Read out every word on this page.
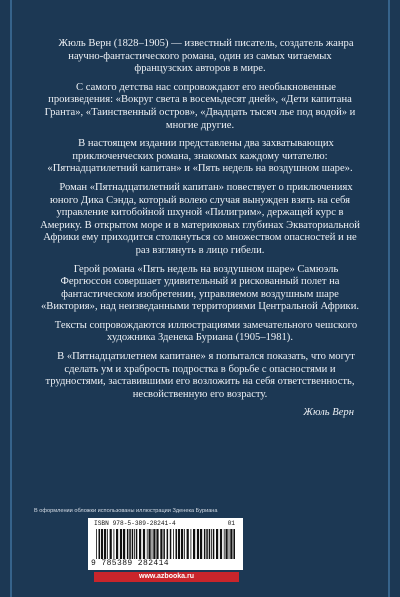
Жюль Верн (1828–1905) — известный писатель, создатель жанра научно-фантастического романа, один из самых читаемых французских авторов в мире.

С самого детства нас сопровождают его необыкновенные произведения: «Вокруг света в восемьдесят дней», «Дети капитана Гранта», «Таинственный остров», «Двадцать тысяч лье под водой» и многие другие.

В настоящем издании представлены два захватывающих приключенческих романа, знакомых каждому читателю: «Пятнадцатилетний капитан» и «Пять недель на воздушном шаре».

Роман «Пятнадцатилетний капитан» повествует о приключениях юного Дика Сэнда, который волею случая вынужден взять на себя управление китобойной шхуной «Пилигрим», держащей курс в Америку. В открытом море и в материковых глубинах Экваториальной Африки ему приходится столкнуться со множеством опасностей и не раз взглянуть в лицо гибели.

Герой романа «Пять недель на воздушном шаре» Самюэль Фергюссон совершает удивительный и рискованный полет на фантастическом изобретении, управляемом воздушным шаре «Виктория», над неизведанными территориями Центральной Африки.

Тексты сопровождаются иллюстрациями замечательного чешского художника Зденека Буриана (1905–1981).

В «Пятнадцатилетнем капитане» я попытался показать, что могут сделать ум и храбрость подростка в борьбе с опасностями и трудностями, заставившими его возложить на себя ответственность, несвойственную его возрасту.

Жюль Верн

В оформлении обложки использованы иллюстрации Зденека Буриана
ISBN 978-5-389-28241-4	01
9 785389 282414
www.azbooka.ru
